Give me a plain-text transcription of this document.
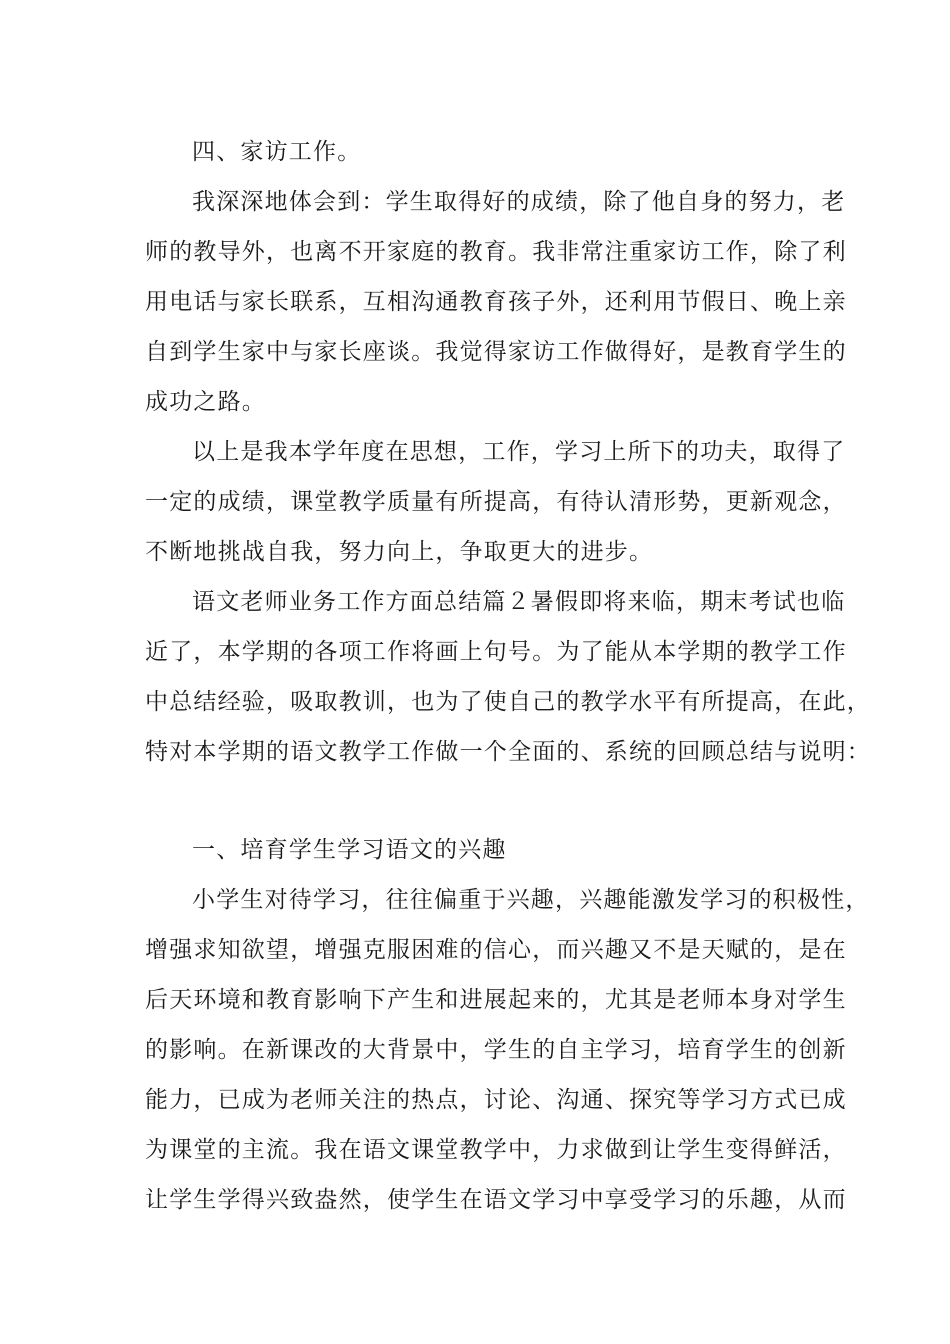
四、家访工作。
我深深地体会到：学生取得好的成绩，除了他自身的努力，老
师的教导外，也离不开家庭的教育。我非常注重家访工作，除了利
用电话与家长联系，互相沟通教育孩子外，还利用节假日、晚上亲
自到学生家中与家长座谈。我觉得家访工作做得好，是教育学生的
成功之路。
以上是我本学年度在思想，工作，学习上所下的功夫，取得了
一定的成绩，课堂教学质量有所提高，有待认清形势，更新观念，
不断地挑战自我，努力向上，争取更大的进步。
语文老师业务工作方面总结篇２暑假即将来临，期末考试也临
近了，本学期的各项工作将画上句号。为了能从本学期的教学工作
中总结经验，吸取教训，也为了使自己的教学水平有所提高，在此，
特对本学期的语文教学工作做一个全面的、系统的回顾总结与说明：
一、培育学生学习语文的兴趣
小学生对待学习，往往偏重于兴趣，兴趣能激发学习的积极性，
增强求知欲望，增强克服困难的信心，而兴趣又不是天赋的，是在
后天环境和教育影响下产生和进展起来的，尤其是老师本身对学生
的影响。在新课改的大背景中，学生的自主学习，培育学生的创新
能力，已成为老师关注的热点，讨论、沟通、探究等学习方式已成
为课堂的主流。我在语文课堂教学中，力求做到让学生变得鲜活，
让学生学得兴致盎然，使学生在语文学习中享受学习的乐趣，从而
